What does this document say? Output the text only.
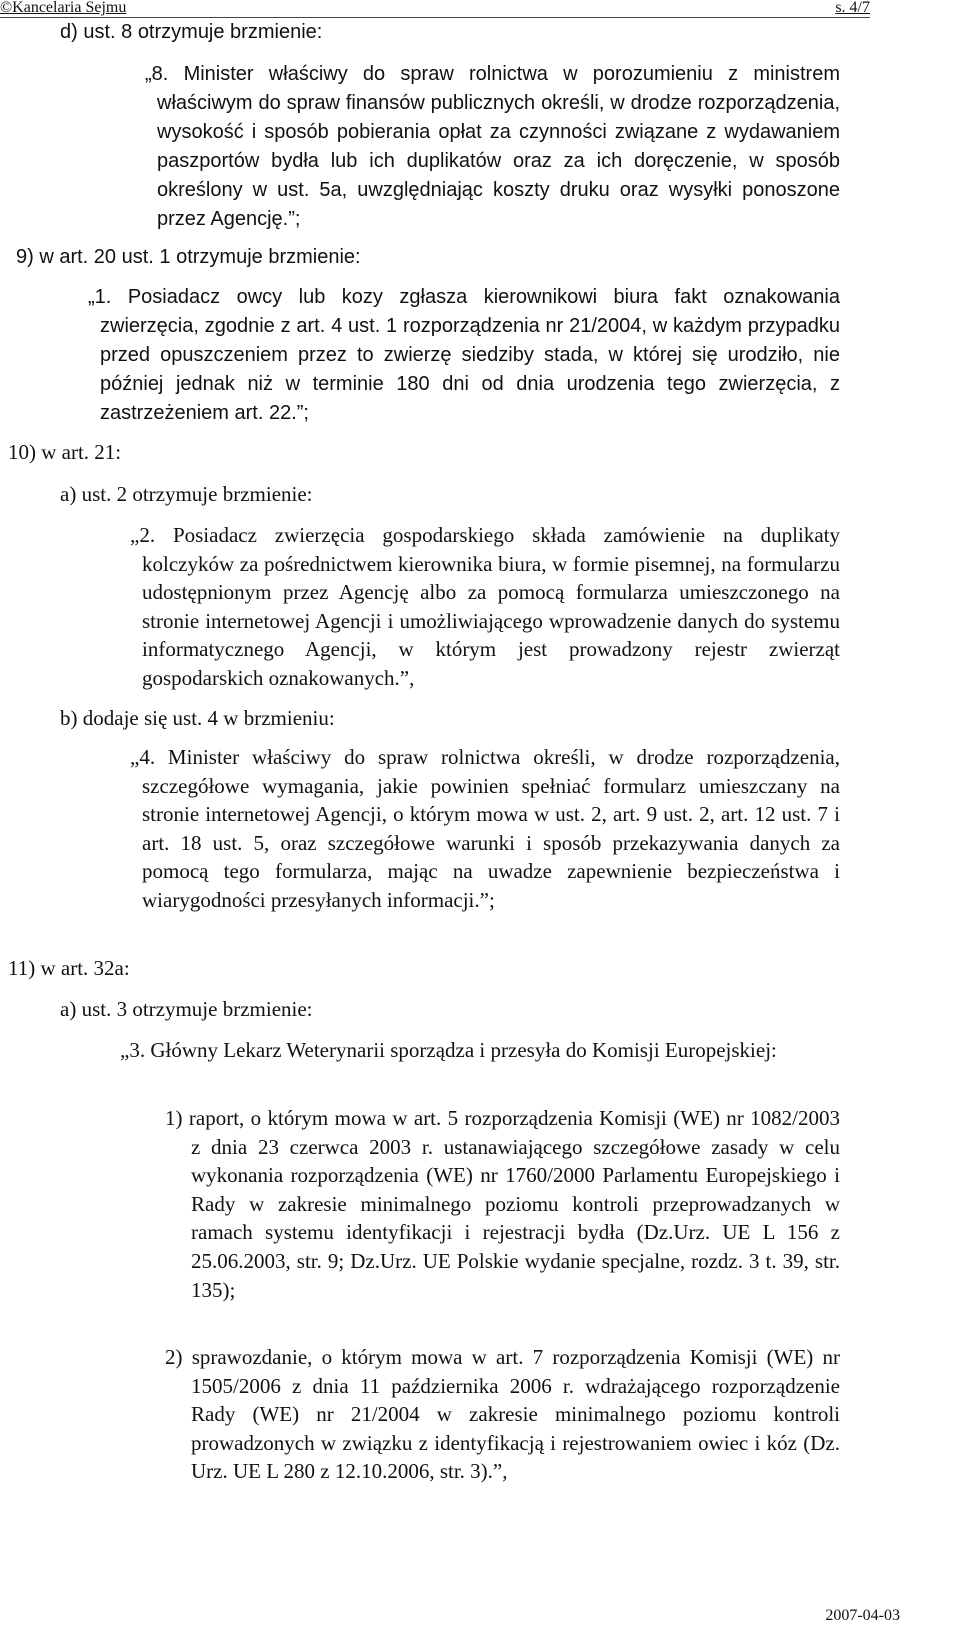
©Kancelaria Sejmu	s. 4/7

d) ust. 8 otrzymuje brzmienie:

„8. Minister właściwy do spraw rolnictwa w porozumieniu z ministrem właściwym do spraw finansów publicznych określi, w drodze rozporządzenia, wysokość i sposób pobierania opłat za czynności związane z wydawaniem paszportów bydła lub ich duplikatów oraz za ich doręczenie, w sposób określony w ust. 5a, uwzględniając koszty druku oraz wysyłki ponoszone przez Agencję.”;

9) w art. 20 ust. 1 otrzymuje brzmienie:

„1. Posiadacz owcy lub kozy zgłasza kierownikowi biura fakt oznakowania zwierzęcia, zgodnie z art. 4 ust. 1 rozporządzenia nr 21/2004, w każdym przypadku przed opuszczeniem przez to zwierzę siedziby stada, w której się urodziło, nie później jednak niż w terminie 180 dni od dnia urodzenia tego zwierzęcia, z zastrzeżeniem art. 22.”;

10) w art. 21:

a) ust. 2 otrzymuje brzmienie:

„2. Posiadacz zwierzęcia gospodarskiego składa zamówienie na duplikaty kolczyków za pośrednictwem kierownika biura, w formie pisemnej, na formularzu udostępnionym przez Agencję albo za pomocą formularza umieszczonego na stronie internetowej Agencji i umożliwiającego wprowadzenie danych do systemu informatycznego Agencji, w którym jest prowadzony rejestr zwierząt gospodarskich oznakowanych.”,

b) dodaje się ust. 4 w brzmieniu:

„4. Minister właściwy do spraw rolnictwa określi, w drodze rozporządzenia, szczegółowe wymagania, jakie powinien spełniać formularz umieszczany na stronie internetowej Agencji, o którym mowa w ust. 2, art. 9 ust. 2, art. 12 ust. 7 i art. 18 ust. 5, oraz szczegółowe warunki i sposób przekazywania danych za pomocą tego formularza, mając na uwadze zapewnienie bezpieczeństwa i wiarygodności przesyłanych informacji.”;

11) w art. 32a:

a) ust. 3 otrzymuje brzmienie:

„3. Główny Lekarz Weterynarii sporządza i przesyła do Komisji Europejskiej:

1) raport, o którym mowa w art. 5 rozporządzenia Komisji (WE) nr 1082/2003 z dnia 23 czerwca 2003 r. ustanawiającego szczegółowe zasady w celu wykonania rozporządzenia (WE) nr 1760/2000 Parlamentu Europejskiego i Rady w zakresie minimalnego poziomu kontroli przeprowadzanych w ramach systemu identyfikacji i rejestracji bydła (Dz.Urz. UE L 156 z 25.06.2003, str. 9; Dz.Urz. UE Polskie wydanie specjalne, rozdz. 3 t. 39, str. 135);

2) sprawozdanie, o którym mowa w art. 7 rozporządzenia Komisji (WE) nr 1505/2006 z dnia 11 października 2006 r. wdrażającego rozporządzenie Rady (WE) nr 21/2004 w zakresie minimalnego poziomu kontroli prowadzonych w związku z identyfikacją i rejestrowaniem owiec i kóz (Dz. Urz. UE L 280 z 12.10.2006, str. 3).”,

2007-04-03
